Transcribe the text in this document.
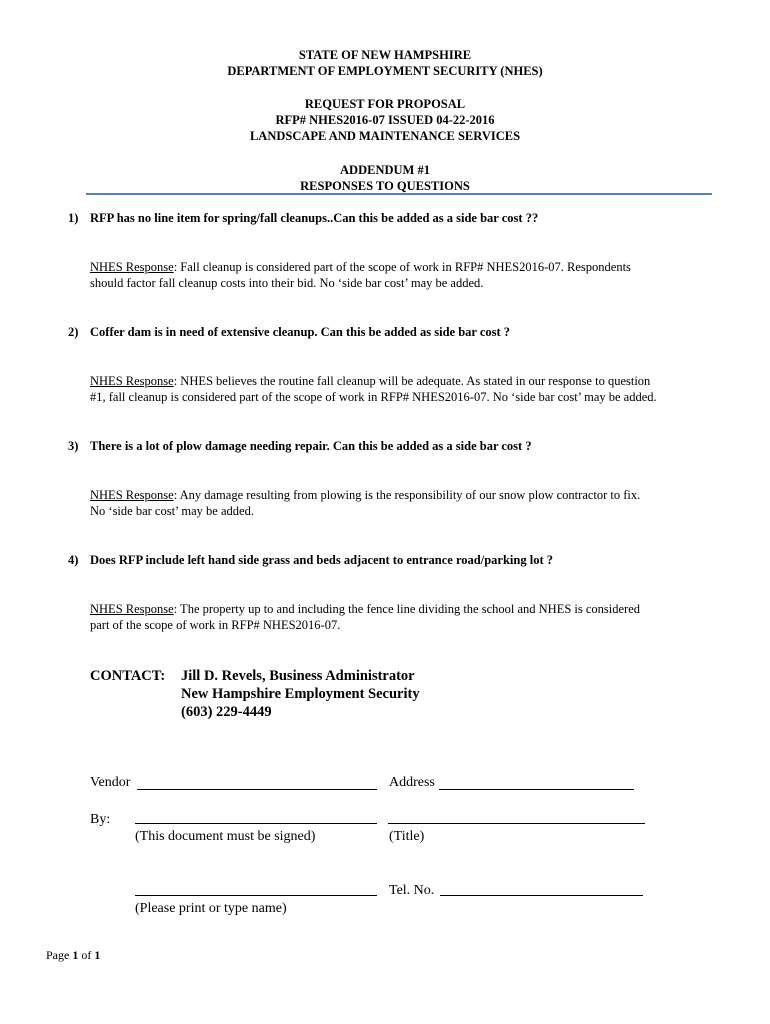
STATE OF NEW HAMPSHIRE
DEPARTMENT OF EMPLOYMENT SECURITY (NHES)
REQUEST FOR PROPOSAL
RFP# NHES2016-07 ISSUED 04-22-2016
LANDSCAPE AND MAINTENANCE SERVICES
ADDENDUM #1
RESPONSES TO QUESTIONS
1) RFP has no line item for spring/fall cleanups..Can this be added as a side bar cost ??
NHES Response: Fall cleanup is considered part of the scope of work in RFP# NHES2016-07. Respondents
should factor fall cleanup costs into their bid. No ‘side bar cost’ may be added.
2) Coffer dam is in need of extensive cleanup. Can this be added as side bar cost ?
NHES Response: NHES believes the routine fall cleanup will be adequate. As stated in our response to question
#1, fall cleanup is considered part of the scope of work in RFP# NHES2016-07. No ‘side bar cost’ may be added.
3) There is a lot of plow damage needing repair. Can this be added as a side bar cost ?
NHES Response: Any damage resulting from plowing is the responsibility of our snow plow contractor to fix.
No ‘side bar cost’ may be added.
4) Does RFP include left hand side grass and beds adjacent to entrance road/parking lot ?
NHES Response: The property up to and including the fence line dividing the school and NHES is considered
part of the scope of work in RFP# NHES2016-07.
CONTACT: Jill D. Revels, Business Administrator
New Hampshire Employment Security
(603) 229-4449
Vendor	Address
By:
(This document must be signed)	(Title)
Tel. No.
(Please print or type name)
Page 1 of 1
